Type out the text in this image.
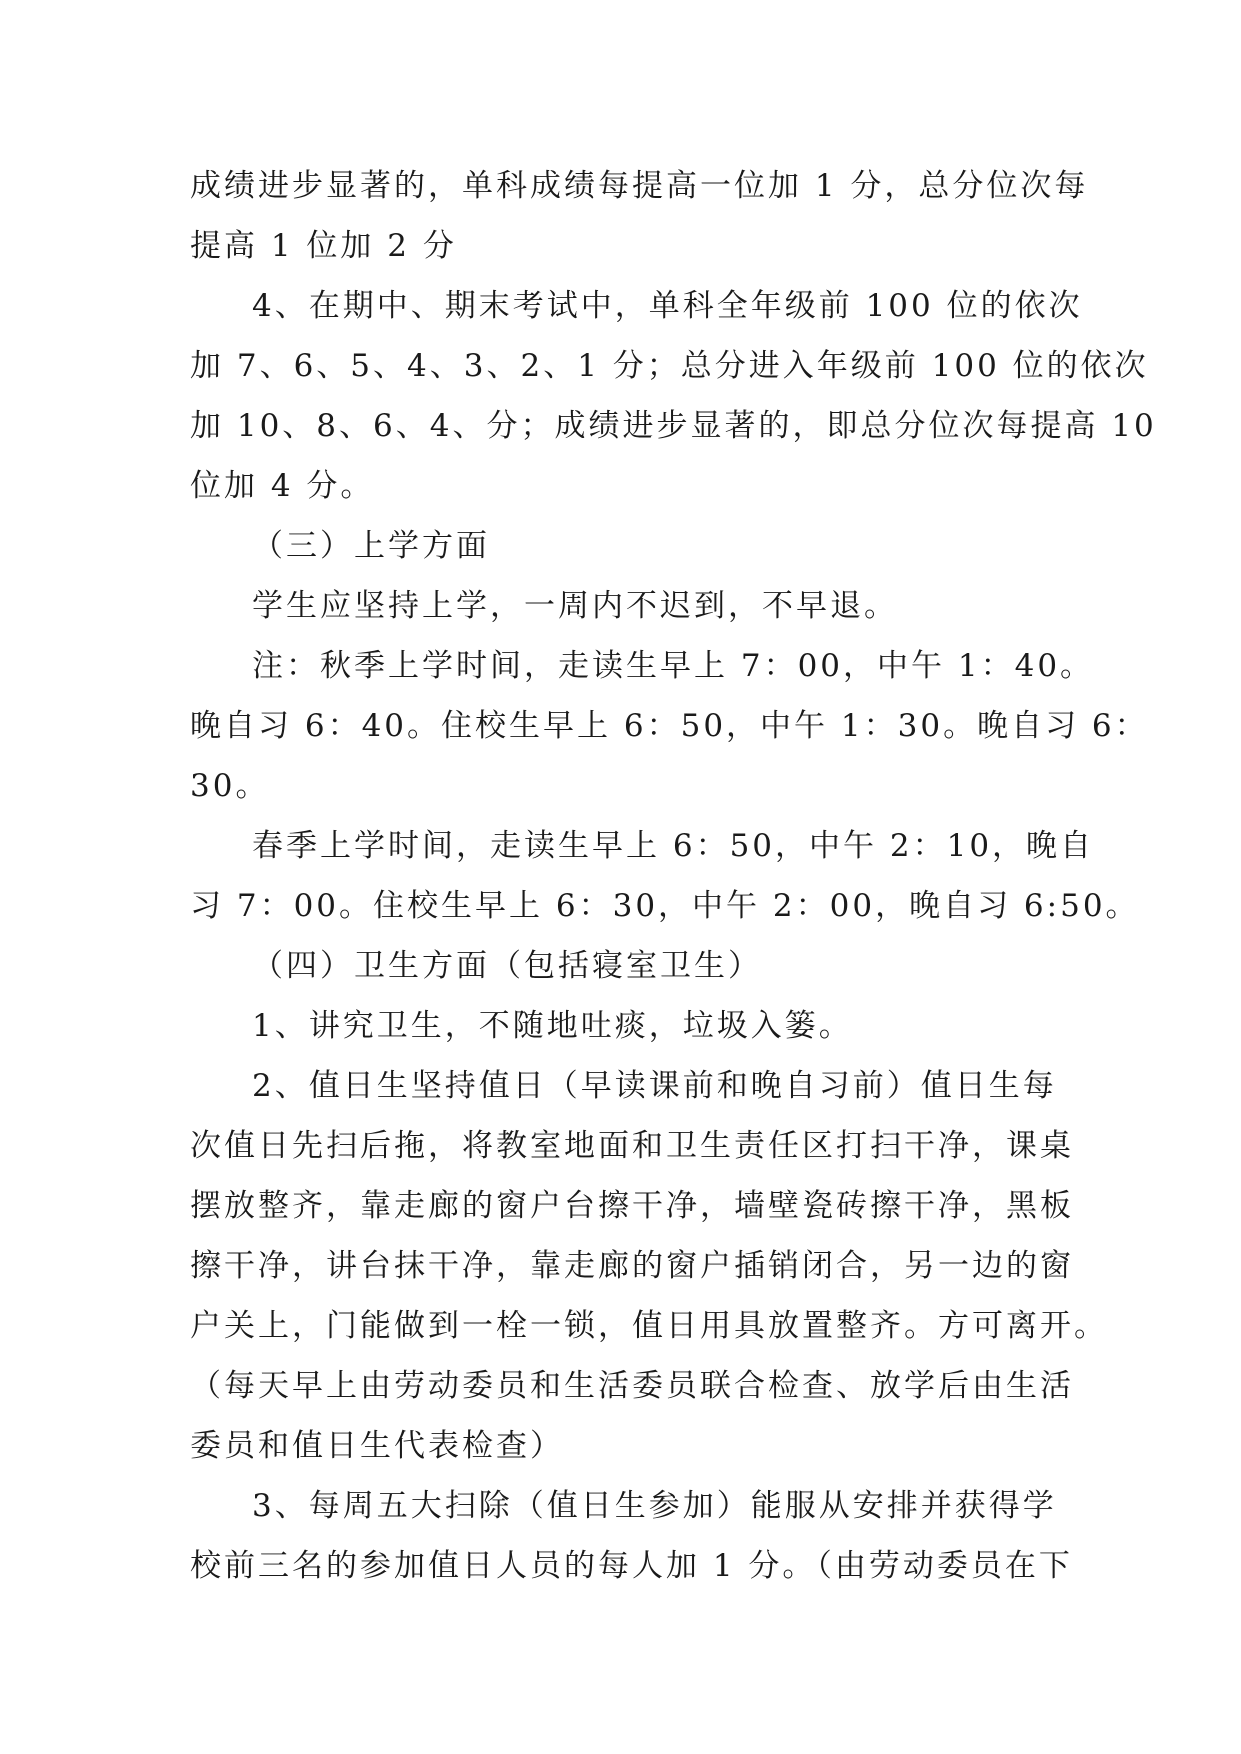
成绩进步显著的，单科成绩每提高一位加 1 分，总分位次每
提高 1 位加 2 分
4、在期中、期末考试中，单科全年级前 100 位的依次
加 7、6、5、4、3、2、1 分；总分进入年级前 100 位的依次
加 10、8、6、4、分；成绩进步显著的，即总分位次每提高 10
位加 4 分。
（三）上学方面
学生应坚持上学，一周内不迟到，不早退。
注：秋季上学时间，走读生早上 7：00，中午 1：40。
晚自习 6：40。住校生早上 6：50，中午 1：30。晚自习 6：
30。
春季上学时间，走读生早上 6：50，中午 2：10，晚自
习 7：00。住校生早上 6：30，中午 2：00，晚自习 6:50。
（四）卫生方面（包括寝室卫生）
1、讲究卫生，不随地吐痰，垃圾入篓。
2、值日生坚持值日（早读课前和晚自习前）值日生每
次值日先扫后拖，将教室地面和卫生责任区打扫干净，课桌
摆放整齐，靠走廊的窗户台擦干净，墙壁瓷砖擦干净，黑板
擦干净，讲台抹干净，靠走廊的窗户插销闭合，另一边的窗
户关上，门能做到一栓一锁，值日用具放置整齐。方可离开。
（每天早上由劳动委员和生活委员联合检查、放学后由生活
委员和值日生代表检查）
3、每周五大扫除（值日生参加）能服从安排并获得学
校前三名的参加值日人员的每人加 1 分。（由劳动委员在下
